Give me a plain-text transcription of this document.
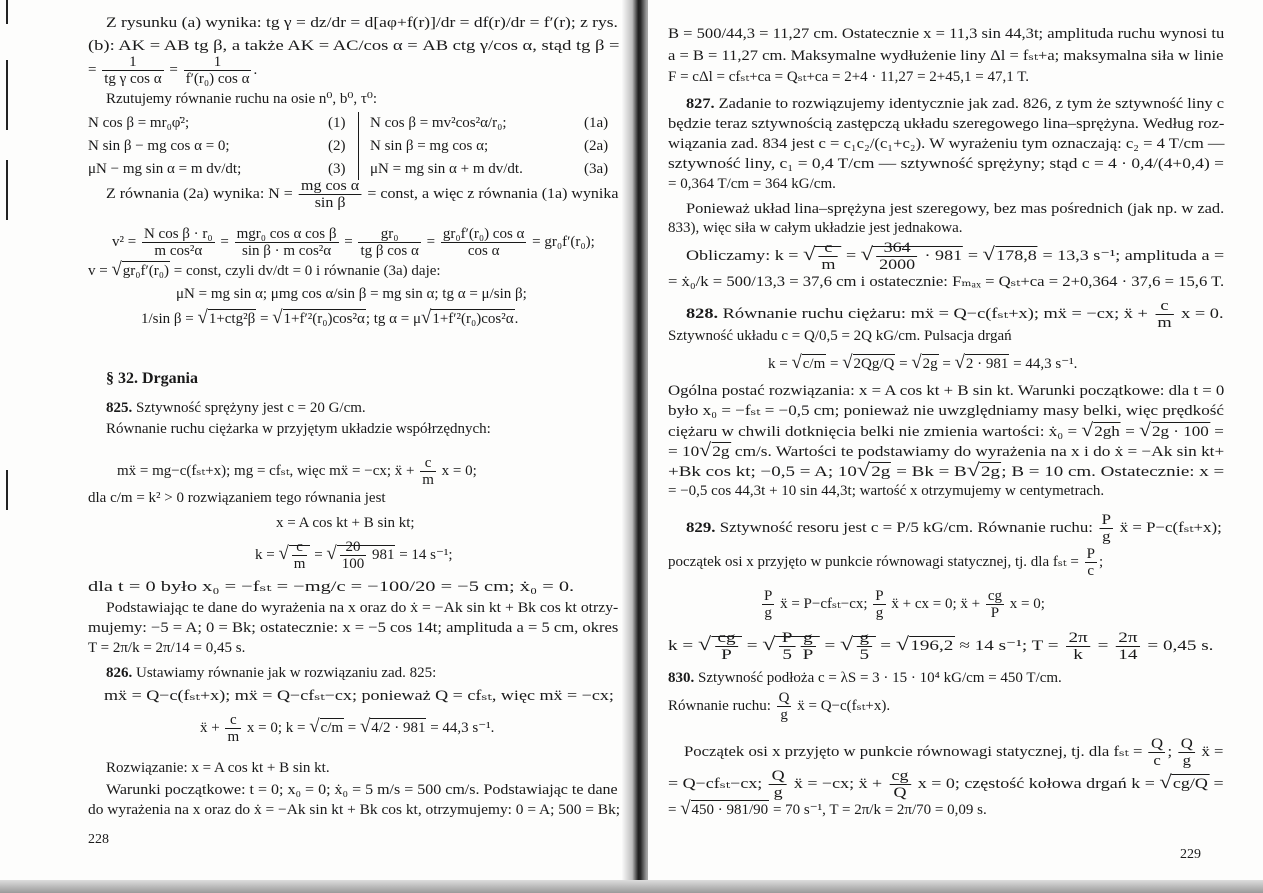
Z rysunku (a) wynika: tg γ = dz/dr = d[aφ+f(r)]/dr = df(r)/dr = f′(r); z rys.
(b): AK = AB tg β, a także AK = AC/cos α = AB ctg γ/cos α, stąd tg β =
= $\frac{1}{\text{tg γ cos α}} = \frac{1}{\text{f′(r₀) cos α}}$ .
Rzutujemy równanie ruchu na osie n⁰, b⁰, τ⁰:
N cos β = mr₀φ̇²;	(1) N cos β = mv²cos²α/r₀;	(1a)
N sin β − mg cos α = 0;	(2) N sin β = mg cos α;	(2a)
μN − mg sin α = m dv/dt;	(3) μN = mg sin α + m dv/dt.	(3a)
Z równania (2a) wynika: $N = \frac{\text{mg cos α}}{\text{sin β}}$ = const, a więc z równania (1a) wynika
$v^2 = \frac{\text{N cos β · r₀}}{\text{m cos²α}} = mgr_0$ cos α cos β
sin β · m cos²α
= $\frac{\text{gr₀}}{\text{tg β cos α}} = \frac{\text{gr₀f′(r₀) cos α}}{\text{cos α}} = gr_0f'(r_0)$;
v = √gr₀f′(r₀) = const, czyli dv/dt = 0 i równanie (3a) daje:
μN = mg sin α; μmg cos α/sin β = mg sin α; tg α = μ/sin β;
1/sin β = √1+ctg²β = √1+f′²(r₀)cos²α; tg α = μ√1+f′²(r₀)cos²α.
§ 32. Drgania
825. Sztywność sprężyny jest c = 20 G/cm.
Równanie ruchu ciężarka w przyjętym układzie współrzędnych:
mẍ = mg−c(fₛₜ+x); mg = cfₛₜ, więc mẍ = −cx; ẍ + $\frac{c}{m}$ x = 0;
dla c/m = k² > 0 rozwiązaniem tego równania jest
x = A cos kt + B sin kt;
k = √ $\frac{c}{m}$ = √ $\frac{20}{100} 981 = 14$ s⁻¹;
dla t = 0 było x₀ = −fₛₜ = −mg/c = −100/20 = −5 cm; ẋ₀ = 0.
Podstawiając te dane do wyrażenia na x oraz do ẋ = −Ak sin kt + Bk cos kt otrzy-
mujemy: −5 = A; 0 = Bk; ostatecznie: x = −5 cos 14t; amplituda a = 5 cm, okres
T = 2π/k = 2π/14 = 0,45 s.
826. Ustawiamy równanie jak w rozwiązaniu zad. 825:
mẍ = Q−c(fₛₜ+x); mẍ = Q−cfₛₜ−cx; ponieważ Q = cfₛₜ, więc mẍ = −cx;
ẍ + $\frac{c}{m}$ x = 0; k = √c/m = √4/2 · 981 = 44,3 s⁻¹.
Rozwiązanie: x = A cos kt + B sin kt.
Warunki początkowe: t = 0; x₀ = 0; ẋ₀ = 5 m/s = 500 cm/s. Podstawiając te dane
do wyrażenia na x oraz do ẋ = −Ak sin kt + Bk cos kt, otrzymujemy: 0 = A; 500 = Bk;
228
B = 500/44,3 = 11,27 cm. Ostatecznie x = 11,3 sin 44,3t; amplituda ruchu wynosi tu
a = B = 11,27 cm. Maksymalne wydłużenie liny Δl = fₛₜ+a; maksymalna siła w linie
F = cΔl = cfₛₜ+ca = Qₛₜ+ca = 2+4 · 11,27 = 2+45,1 = 47,1 T.
827. Zadanie to rozwiązujemy identycznie jak zad. 826, z tym że sztywność liny c
będzie teraz sztywnością zastępczą układu szeregowego lina–sprężyna. Według roz-
wiązania zad. 834 jest c = c₁c₂/(c₁+c₂). W wyrażeniu tym oznaczają: c₂ = 4 T/cm —
sztywność liny, c₁ = 0,4 T/cm — sztywność sprężyny; stąd c = 4 · 0,4/(4+0,4) =
= 0,364 T/cm = 364 kG/cm.
Ponieważ układ lina–sprężyna jest szeregowy, bez mas pośrednich (jak np. w zad.
833), więc siła w całym układzie jest jednakowa.
Obliczamy: k = √ $\frac{c}{m}$ = √ $\frac{364}{2000} \cdot 981 = √178,8 = 13,3$ s⁻¹; amplituda a =
= ẋ₀/k = 500/13,3 = 37,6 cm i ostatecznie: Fₘₐₓ = Qₛₜ+ca = 2+0,364 · 37,6 = 15,6 T.
828. Równanie ruchu ciężaru: mẍ = Q−c(fₛₜ+x); mẍ = −cx; ẍ + $\frac{c}{m}$ x = 0.
Sztywność układu c = Q/0,5 = 2Q kG/cm. Pulsacja drgań
k = √c/m = √2Qg/Q = √2g = √2 · 981 = 44,3 s⁻¹.
Ogólna postać rozwiązania: x = A cos kt + B sin kt. Warunki początkowe: dla t = 0
było x₀ = −fₛₜ = −0,5 cm; ponieważ nie uwzględniamy masy belki, więc prędkość
ciężaru w chwili dotknięcia belki nie zmienia wartości: ẋ₀ = √2gh = √2g · 100 =
= 10√2g cm/s. Wartości te podstawiamy do wyrażenia na x i do ẋ = −Ak sin kt+
+Bk cos kt; −0,5 = A; 10√2g = Bk = B√2g; B = 10 cm. Ostatecznie: x =
= −0,5 cos 44,3t + 10 sin 44,3t; wartość x otrzymujemy w centymetrach.
829. Sztywność resoru jest c = P/5 kG/cm. Równanie ruchu: $\frac{P}{g}$ ẍ = P−c(fₛₜ+x);
początek osi x przyjęto w punkcie równowagi statycznej, tj. dla $f_{st} = \frac{P}{c}$ ;
$\frac{P}{g}$ ẍ = P−cfₛₜ−cx; $\frac{P}{g}$ ẍ + cx = 0; ẍ + $\frac{cg}{P}$ x = 0;
k = √ $\frac{cg}{P}$ = √ $\frac{P}{5} \frac{g}{P}$ = √ $\frac{g}{5} = √196,2 \approx 14$ s⁻¹; $T = \frac{2\pi}{k} = \frac{2\pi}{14} = 0,45$ s.
830. Sztywność podłoża c = λS = 3 · 15 · 10⁴ kG/cm = 450 T/cm.
Równanie ruchu: $\frac{Q}{g}$ ẍ = Q−c(fₛₜ+x).
Początek osi x przyjęto w punkcie równowagi statycznej, tj. dla $f_{st} = \frac{Q}{c}$ ; $\frac{Q}{g}$ ẍ =
= Q−cfₛₜ−cx; $\frac{Q}{g}$ ẍ = −cx; ẍ + $\frac{cg}{Q}$ x = 0; częstość kołowa drgań k = √cg/Q =
= √450 · 981/90 = 70 s⁻¹, T = 2π/k = 2π/70 = 0,09 s.
229
